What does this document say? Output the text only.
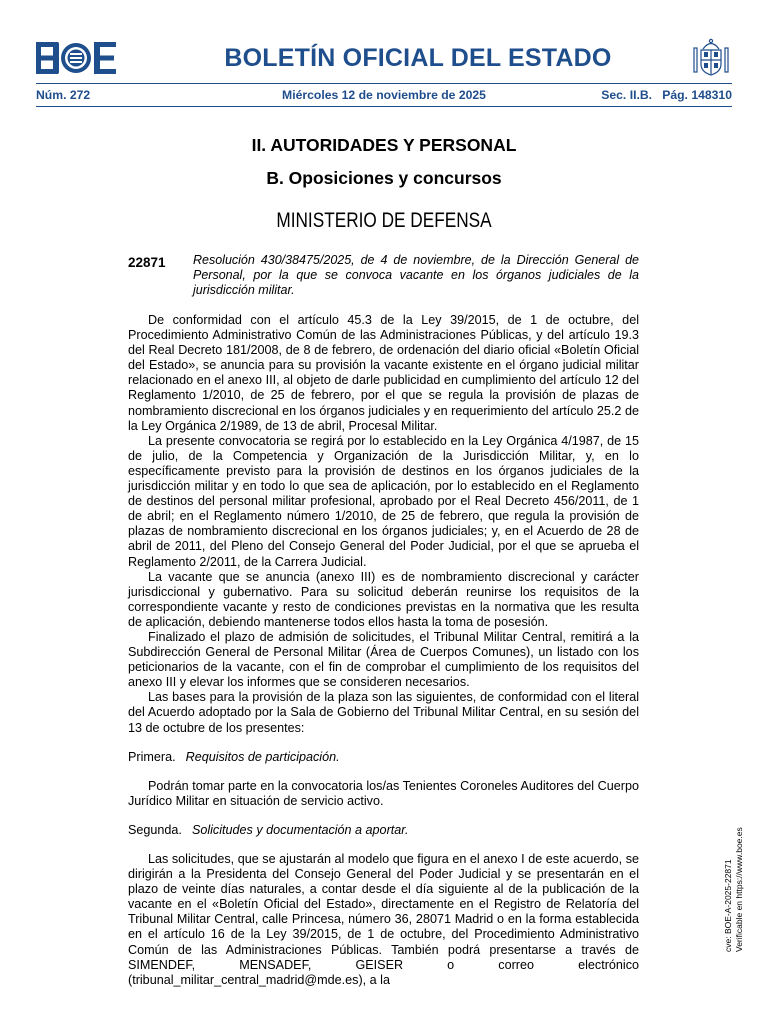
BOLETÍN OFICIAL DEL ESTADO
Núm. 272	Miércoles 12 de noviembre de 2025	Sec. II.B.   Pág. 148310
II. AUTORIDADES Y PERSONAL
B. Oposiciones y concursos
MINISTERIO DE DEFENSA
22871 Resolución 430/38475/2025, de 4 de noviembre, de la Dirección General de Personal, por la que se convoca vacante en los órganos judiciales de la jurisdicción militar.

De conformidad con el artículo 45.3 de la Ley 39/2015, de 1 de octubre, del Procedimiento Administrativo Común de las Administraciones Públicas, y del artículo 19.3 del Real Decreto 181/2008, de 8 de febrero, de ordenación del diario oficial «Boletín Oficial del Estado», se anuncia para su provisión la vacante existente en el órgano judicial militar relacionado en el anexo III, al objeto de darle publicidad en cumplimiento del artículo 12 del Reglamento 1/2010, de 25 de febrero, por el que se regula la provisión de plazas de nombramiento discrecional en los órganos judiciales y en requerimiento del artículo 25.2 de la Ley Orgánica 2/1989, de 13 de abril, Procesal Militar.

La presente convocatoria se regirá por lo establecido en la Ley Orgánica 4/1987, de 15 de julio, de la Competencia y Organización de la Jurisdicción Militar, y, en lo específicamente previsto para la provisión de destinos en los órganos judiciales de la jurisdicción militar y en todo lo que sea de aplicación, por lo establecido en el Reglamento de destinos del personal militar profesional, aprobado por el Real Decreto 456/2011, de 1 de abril; en el Reglamento número 1/2010, de 25 de febrero, que regula la provisión de plazas de nombramiento discrecional en los órganos judiciales; y, en el Acuerdo de 28 de abril de 2011, del Pleno del Consejo General del Poder Judicial, por el que se aprueba el Reglamento 2/2011, de la Carrera Judicial.

La vacante que se anuncia (anexo III) es de nombramiento discrecional y carácter jurisdiccional y gubernativo. Para su solicitud deberán reunirse los requisitos de la correspondiente vacante y resto de condiciones previstas en la normativa que les resulta de aplicación, debiendo mantenerse todos ellos hasta la toma de posesión.

Finalizado el plazo de admisión de solicitudes, el Tribunal Militar Central, remitirá a la Subdirección General de Personal Militar (Área de Cuerpos Comunes), un listado con los peticionarios de la vacante, con el fin de comprobar el cumplimiento de los requisitos del anexo III y elevar los informes que se consideren necesarios.

Las bases para la provisión de la plaza son las siguientes, de conformidad con el literal del Acuerdo adoptado por la Sala de Gobierno del Tribunal Militar Central, en su sesión del 13 de octubre de los presentes:

Primera. Requisitos de participación.

Podrán tomar parte en la convocatoria los/as Tenientes Coroneles Auditores del Cuerpo Jurídico Militar en situación de servicio activo.

Segunda. Solicitudes y documentación a aportar.

Las solicitudes, que se ajustarán al modelo que figura en el anexo I de este acuerdo, se dirigirán a la Presidenta del Consejo General del Poder Judicial y se presentarán en el plazo de veinte días naturales, a contar desde el día siguiente al de la publicación de la vacante en el «Boletín Oficial del Estado», directamente en el Registro de Relatoría del Tribunal Militar Central, calle Princesa, número 36, 28071 Madrid o en la forma establecida en el artículo 16 de la Ley 39/2015, de 1 de octubre, del Procedimiento Administrativo Común de las Administraciones Públicas. También podrá presentarse a través de SIMENDEF, MENSADEF, GEISER o correo electrónico (tribunal_militar_central_madrid@mde.es), a la

cve: BOE-A-2025-22871 Verificable en https://www.boe.es
